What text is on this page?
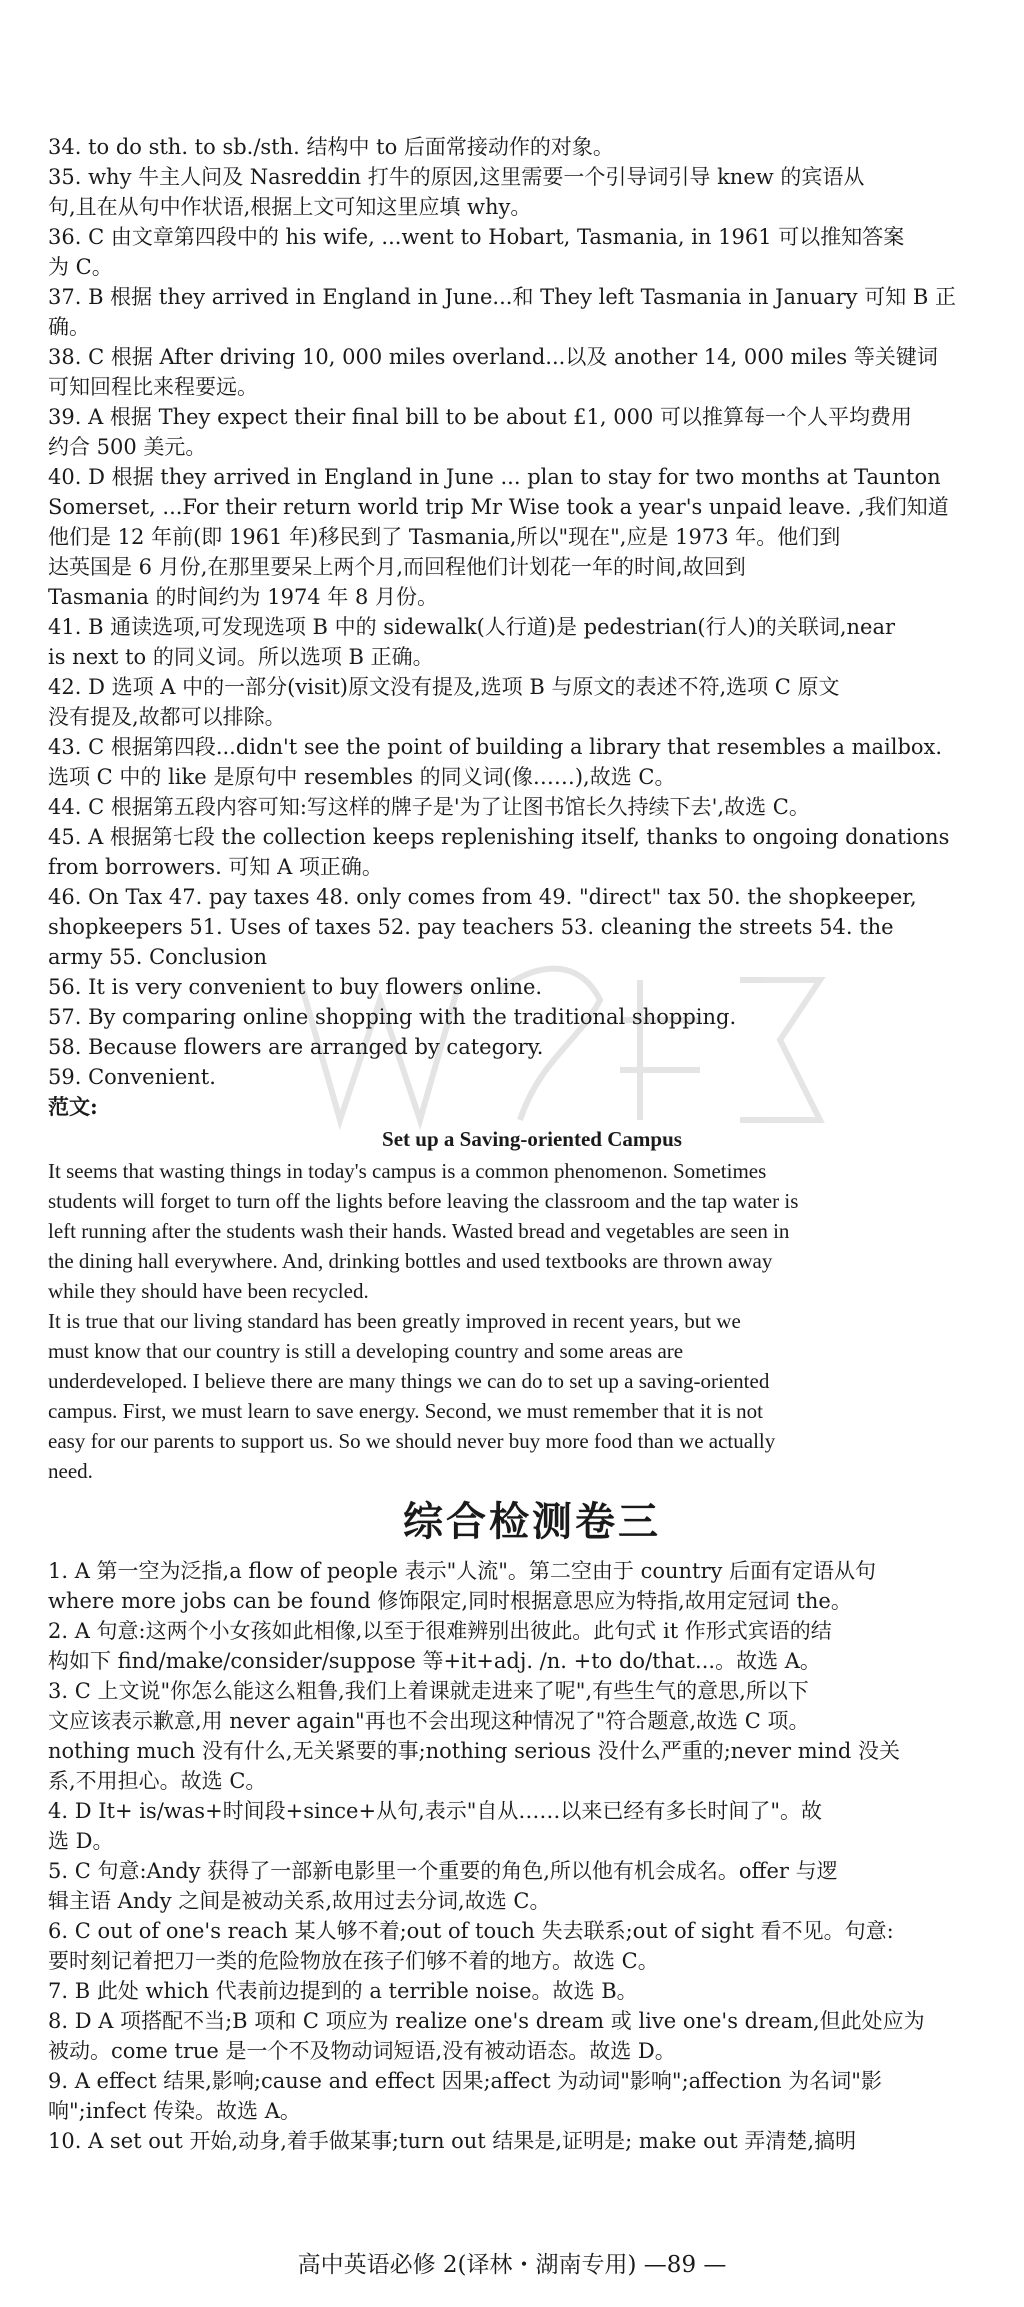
34. to do sth. to sb./sth. 结构中 to 后面常接动作的对象。
35. why 牛主人问及 Nasreddin 打牛的原因,这里需要一个引导词引导 knew 的宾语从
句,且在从句中作状语,根据上文可知这里应填 why。
36. C 由文章第四段中的 his wife, ...went to Hobart, Tasmania, in 1961 可以推知答案
为 C。
37. B 根据 they arrived in England in June...和 They left Tasmania in January 可知 B 正
确。
38. C 根据 After driving 10, 000 miles overland...以及 another 14, 000 miles 等关键词
可知回程比来程要远。
39. A 根据 They expect their final bill to be about £1, 000 可以推算每一个人平均费用
约合 500 美元。
40. D 根据 they arrived in England in June ... plan to stay for two months at Taunton
Somerset, ...For their return world trip Mr Wise took a year's unpaid leave. ,我们知道
他们是 12 年前(即 1961 年)移民到了 Tasmania,所以"现在",应是 1973 年。他们到
达英国是 6 月份,在那里要呆上两个月,而回程他们计划花一年的时间,故回到
Tasmania 的时间约为 1974 年 8 月份。
41. B 通读选项,可发现选项 B 中的 sidewalk(人行道)是 pedestrian(行人)的关联词,near
is next to 的同义词。所以选项 B 正确。
42. D 选项 A 中的一部分(visit)原文没有提及,选项 B 与原文的表述不符,选项 C 原文
没有提及,故都可以排除。
43. C 根据第四段...didn't see the point of building a library that resembles a mailbox.
选项 C 中的 like 是原句中 resembles 的同义词(像……),故选 C。
44. C 根据第五段内容可知:写这样的牌子是'为了让图书馆长久持续下去',故选 C。
45. A 根据第七段 the collection keeps replenishing itself, thanks to ongoing donations
from borrowers. 可知 A 项正确。
46. On Tax 47. pay taxes 48. only comes from 49. "direct" tax 50. the shopkeeper,
shopkeepers 51. Uses of taxes 52. pay teachers 53. cleaning the streets 54. the
army 55. Conclusion
56. It is very convenient to buy flowers online.
57. By comparing online shopping with the traditional shopping.
58. Because flowers are arranged by category.
59. Convenient.
范文:
Set up a Saving-oriented Campus
It seems that wasting things in today's campus is a common phenomenon. Sometimes
students will forget to turn off the lights before leaving the classroom and the tap water is
left running after the students wash their hands. Wasted bread and vegetables are seen in
the dining hall everywhere. And, drinking bottles and used textbooks are thrown away
while they should have been recycled.
It is true that our living standard has been greatly improved in recent years, but we
must know that our country is still a developing country and some areas are
underdeveloped. I believe there are many things we can do to set up a saving-oriented
campus. First, we must learn to save energy. Second, we must remember that it is not
easy for our parents to support us. So we should never buy more food than we actually
need.
综合检测卷三
1. A 第一空为泛指,a flow of people 表示"人流"。第二空由于 country 后面有定语从句
where more jobs can be found 修饰限定,同时根据意思应为特指,故用定冠词 the。
2. A 句意:这两个小女孩如此相像,以至于很难辨别出彼此。此句式 it 作形式宾语的结
构如下 find/make/consider/suppose 等+it+adj. /n. +to do/that...。故选 A。
3. C 上文说"你怎么能这么粗鲁,我们上着课就走进来了呢",有些生气的意思,所以下
文应该表示歉意,用 never again"再也不会出现这种情况了"符合题意,故选 C 项。
nothing much 没有什么,无关紧要的事;nothing serious 没什么严重的;never mind 没关
系,不用担心。故选 C。
4. D It+ is/was+时间段+since+从句,表示"自从……以来已经有多长时间了"。故
选 D。
5. C 句意:Andy 获得了一部新电影里一个重要的角色,所以他有机会成名。offer 与逻
辑主语 Andy 之间是被动关系,故用过去分词,故选 C。
6. C out of one's reach 某人够不着;out of touch 失去联系;out of sight 看不见。句意:
要时刻记着把刀一类的危险物放在孩子们够不着的地方。故选 C。
7. B 此处 which 代表前边提到的 a terrible noise。故选 B。
8. D A 项搭配不当;B 项和 C 项应为 realize one's dream 或 live one's dream,但此处应为
被动。come true 是一个不及物动词短语,没有被动语态。故选 D。
9. A effect 结果,影响;cause and effect 因果;affect 为动词"影响";affection 为名词"影
响";infect 传染。故选 A。
10. A set out 开始,动身,着手做某事;turn out 结果是,证明是; make out 弄清楚,搞明
高中英语必修 2(译林・湖南专用) —89 —
